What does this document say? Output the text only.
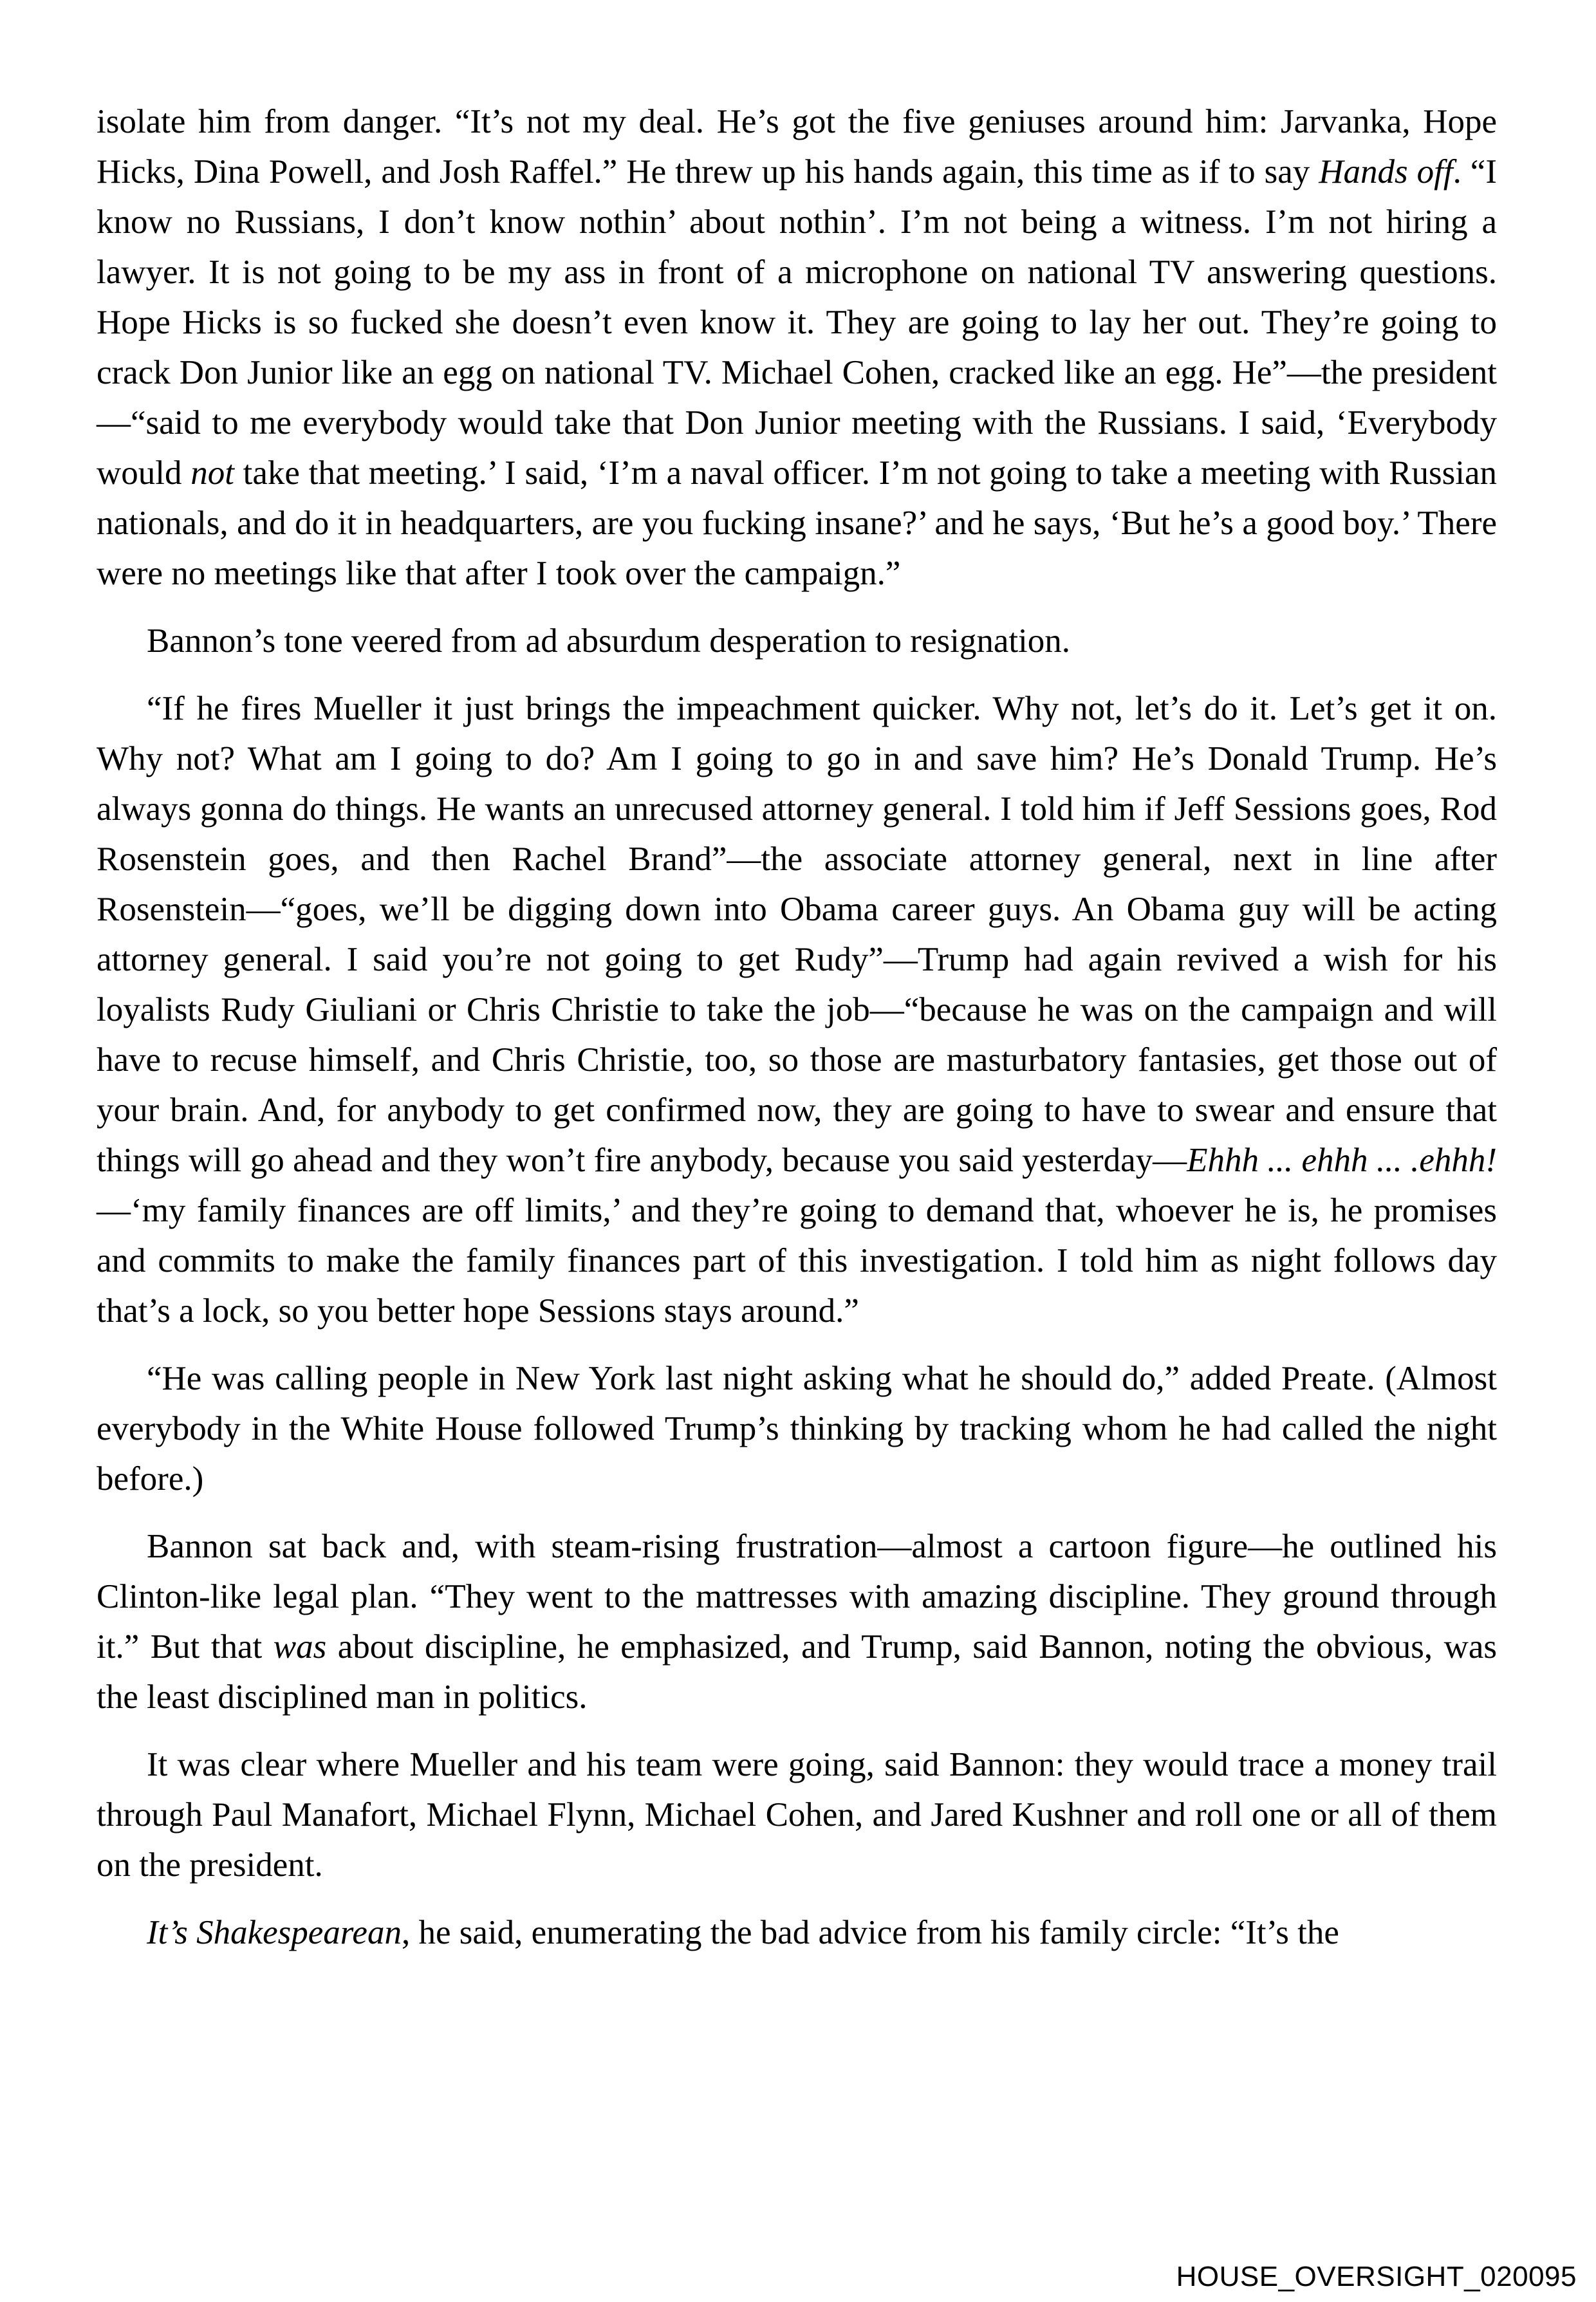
isolate him from danger. “It’s not my deal. He’s got the five geniuses around him: Jarvanka, Hope Hicks, Dina Powell, and Josh Raffel.” He threw up his hands again, this time as if to say Hands off. “I know no Russians, I don’t know nothin’ about nothin’. I’m not being a witness. I’m not hiring a lawyer. It is not going to be my ass in front of a microphone on national TV answering questions. Hope Hicks is so fucked she doesn’t even know it. They are going to lay her out. They’re going to crack Don Junior like an egg on national TV. Michael Cohen, cracked like an egg. He”—the president—“said to me everybody would take that Don Junior meeting with the Russians. I said, ‘Everybody would not take that meeting.’ I said, ‘I’m a naval officer. I’m not going to take a meeting with Russian nationals, and do it in headquarters, are you fucking insane?’ and he says, ‘But he’s a good boy.’ There were no meetings like that after I took over the campaign.”

Bannon’s tone veered from ad absurdum desperation to resignation.

“If he fires Mueller it just brings the impeachment quicker. Why not, let’s do it. Let’s get it on. Why not? What am I going to do? Am I going to go in and save him? He’s Donald Trump. He’s always gonna do things. He wants an unrecused attorney general. I told him if Jeff Sessions goes, Rod Rosenstein goes, and then Rachel Brand”—the associate attorney general, next in line after Rosenstein—“goes, we’ll be digging down into Obama career guys. An Obama guy will be acting attorney general. I said you’re not going to get Rudy”—Trump had again revived a wish for his loyalists Rudy Giuliani or Chris Christie to take the job—“because he was on the campaign and will have to recuse himself, and Chris Christie, too, so those are masturbatory fantasies, get those out of your brain. And, for anybody to get confirmed now, they are going to have to swear and ensure that things will go ahead and they won’t fire anybody, because you said yesterday—Ehhh ... ehhh ... .ehhh!—‘my family finances are off limits,’ and they’re going to demand that, whoever he is, he promises and commits to make the family finances part of this investigation. I told him as night follows day that’s a lock, so you better hope Sessions stays around.”

“He was calling people in New York last night asking what he should do,” added Preate. (Almost everybody in the White House followed Trump’s thinking by tracking whom he had called the night before.)

Bannon sat back and, with steam-rising frustration—almost a cartoon figure—he outlined his Clinton-like legal plan. “They went to the mattresses with amazing discipline. They ground through it.” But that was about discipline, he emphasized, and Trump, said Bannon, noting the obvious, was the least disciplined man in politics.

It was clear where Mueller and his team were going, said Bannon: they would trace a money trail through Paul Manafort, Michael Flynn, Michael Cohen, and Jared Kushner and roll one or all of them on the president.

It’s Shakespearean, he said, enumerating the bad advice from his family circle: “It’s the

HOUSE_OVERSIGHT_020095
